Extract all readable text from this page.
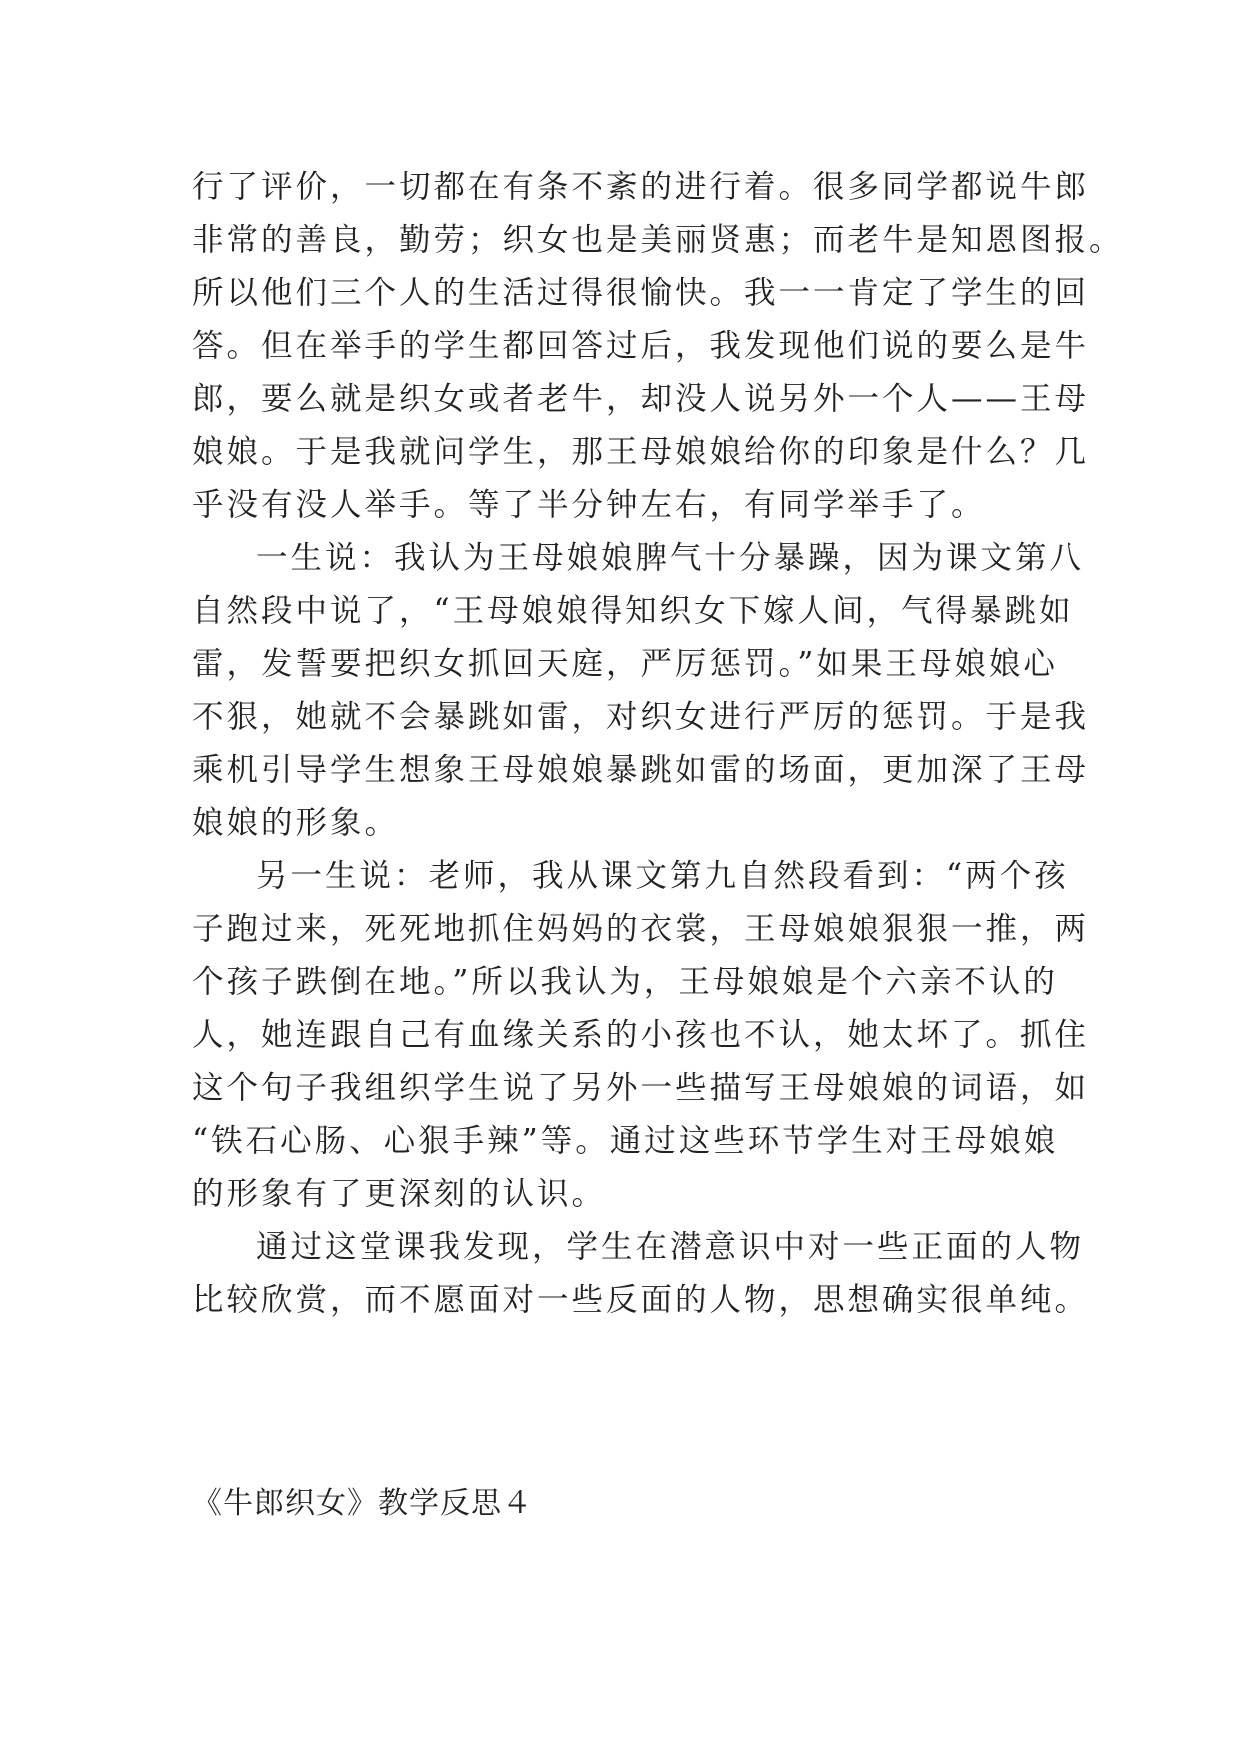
行了评价，一切都在有条不紊的进行着。很多同学都说牛郎
非常的善良，勤劳；织女也是美丽贤惠；而老牛是知恩图报。
所以他们三个人的生活过得很愉快。我一一肯定了学生的回
答。但在举手的学生都回答过后，我发现他们说的要么是牛
郎，要么就是织女或者老牛，却没人说另外一个人——王母
娘娘。于是我就问学生，那王母娘娘给你的印象是什么？几
乎没有没人举手。等了半分钟左右，有同学举手了。
一生说：我认为王母娘娘脾气十分暴躁，因为课文第八
自然段中说了，“王母娘娘得知织女下嫁人间，气得暴跳如
雷，发誓要把织女抓回天庭，严厉惩罚。”如果王母娘娘心
不狠，她就不会暴跳如雷，对织女进行严厉的惩罚。于是我
乘机引导学生想象王母娘娘暴跳如雷的场面，更加深了王母
娘娘的形象。
另一生说：老师，我从课文第九自然段看到：“两个孩
子跑过来，死死地抓住妈妈的衣裳，王母娘娘狠狠一推，两
个孩子跌倒在地。”所以我认为，王母娘娘是个六亲不认的
人，她连跟自己有血缘关系的小孩也不认，她太坏了。抓住
这个句子我组织学生说了另外一些描写王母娘娘的词语，如
“铁石心肠、心狠手辣”等。通过这些环节学生对王母娘娘
的形象有了更深刻的认识。
通过这堂课我发现，学生在潜意识中对一些正面的人物
比较欣赏，而不愿面对一些反面的人物，思想确实很单纯。
《牛郎织女》教学反思４
